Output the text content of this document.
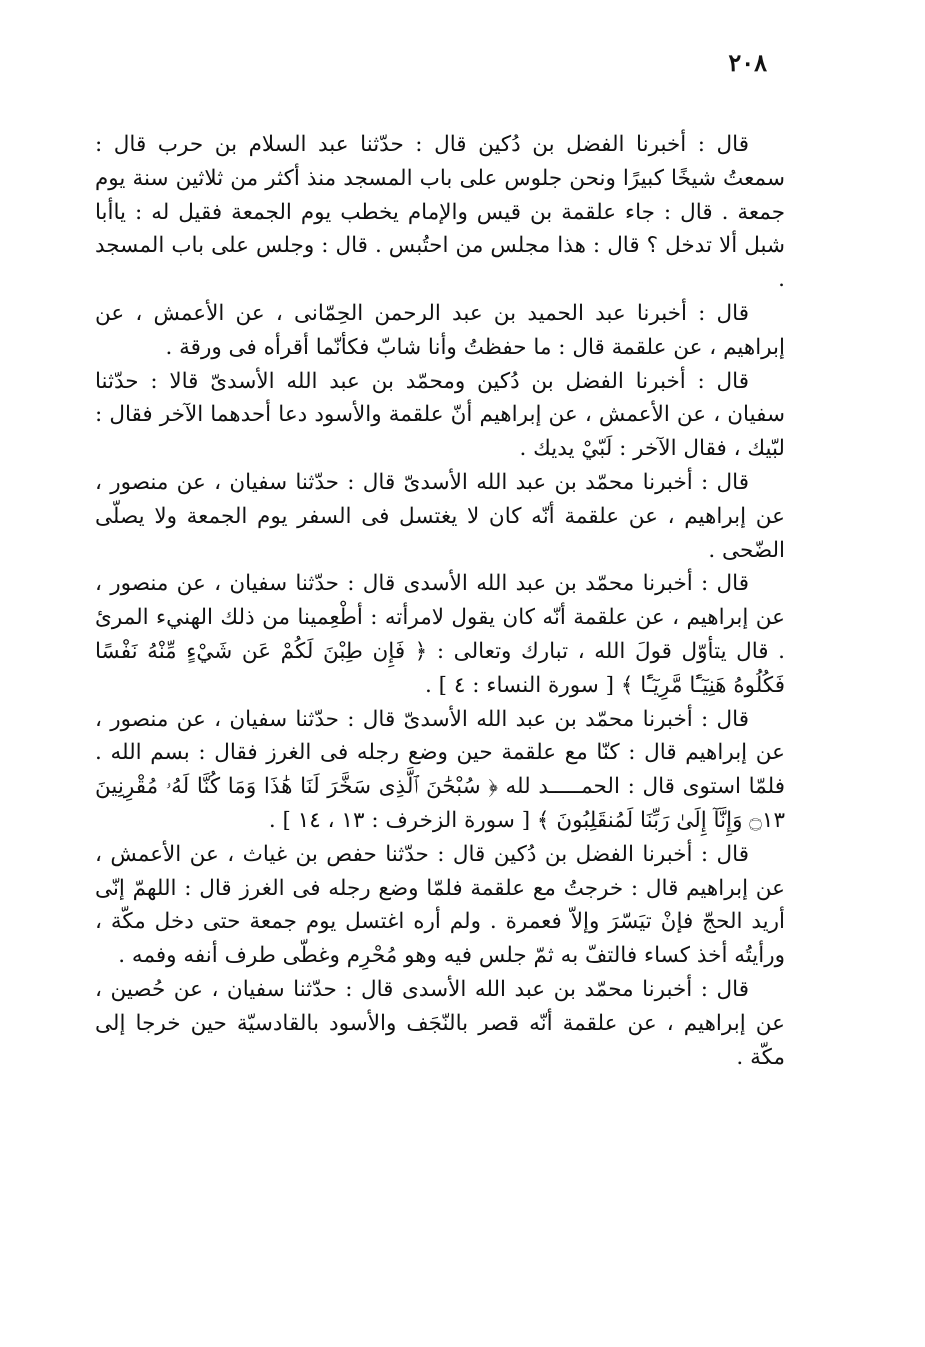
٢٠٨

قال : أخبرنا الفضل بن دُكين قال : حدّثنا عبد السلام بن حرب قال : سمعتُ شيخًا كبيرًا ونحن جلوس على باب المسجد منذ أكثر من ثلاثين سنة يوم جمعة . قال : جاء علقمة بن قيس والإمام يخطب يوم الجمعة فقيل له : ياأبا شبل ألا تدخل ؟ قال : هذا مجلس من احتُبس . قال : وجلس على باب المسجد .

قال : أخبرنا عبد الحميد بن عبد الرحمن الحِمّانى ، عن الأعمش ، عن إبراهيم ، عن علقمة قال : ما حفظتُ وأنا شابّ فكأنّما أقرأه فى ورقة .

قال : أخبرنا الفضل بن دُكين ومحمّد بن عبد الله الأسدىّ قالا : حدّثنا سفيان ، عن الأعمش ، عن إبراهيم أنّ علقمة والأسود دعا أحدهما الآخر فقال : لبّيك ، فقال الآخر : لَبّيْ يديك .

قال : أخبرنا محمّد بن عبد الله الأسدىّ قال : حدّثنا سفيان ، عن منصور ، عن إبراهيم ، عن علقمة أنّه كان لا يغتسل فى السفر يوم الجمعة ولا يصلّى الضّحى .

قال : أخبرنا محمّد بن عبد الله الأسدى قال : حدّثنا سفيان ، عن منصور ، عن إبراهيم ، عن علقمة أنّه كان يقول لامرأته : أطْعِمينا من ذلك الهنيء المرئ . قال يتأوّل قولَ الله ، تبارك وتعالى : ﴿ فَإِن طِبْنَ لَكُمْ عَن شَيْءٍ مِّنْهُ نَفْسًا فَكُلُوهُ هَنِيٓـًٔا مَّرِيٓـًٔا ﴾ [ سورة النساء : ٤ ] .

قال : أخبرنا محمّد بن عبد الله الأسدىّ قال : حدّثنا سفيان ، عن منصور ، عن إبراهيم قال : كنّا مع علقمة حين وضع رجله فى الغرز فقال : بسم الله . فلمّا استوى قال : الحمـــــد لله ﴿ سُبْحَٰنَ ٱلَّذِى سَخَّرَ لَنَا هَٰذَا وَمَا كُنَّا لَهُۥ مُقْرِنِينَ ۝١٣ وَإِنَّآ إِلَىٰ رَبِّنَا لَمُنقَلِبُونَ ﴾ [ سورة الزخرف : ١٣ ، ١٤ ] .

قال : أخبرنا الفضل بن دُكين قال : حدّثنا حفص بن غياث ، عن الأعمش ، عن إبراهيم قال : خرجتُ مع علقمة فلمّا وضع رجله فى الغرز قال : اللهمّ إنّى أريد الحجّ فإنْ تيَسّرَ وإلاّ فعمرة . ولم أره اغتسل يوم جمعة حتى دخل مكّة ، ورأيتُه أخذ كساء فالتفّ به ثمّ جلس فيه وهو مُحْرِم وغطّى طرف أنفه وفمه .

قال : أخبرنا محمّد بن عبد الله الأسدى قال : حدّثنا سفيان ، عن حُصين ، عن إبراهيم ، عن علقمة أنّه قصر بالنّجَف والأسود بالقادسيّة حين خرجا إلى مكّة .
